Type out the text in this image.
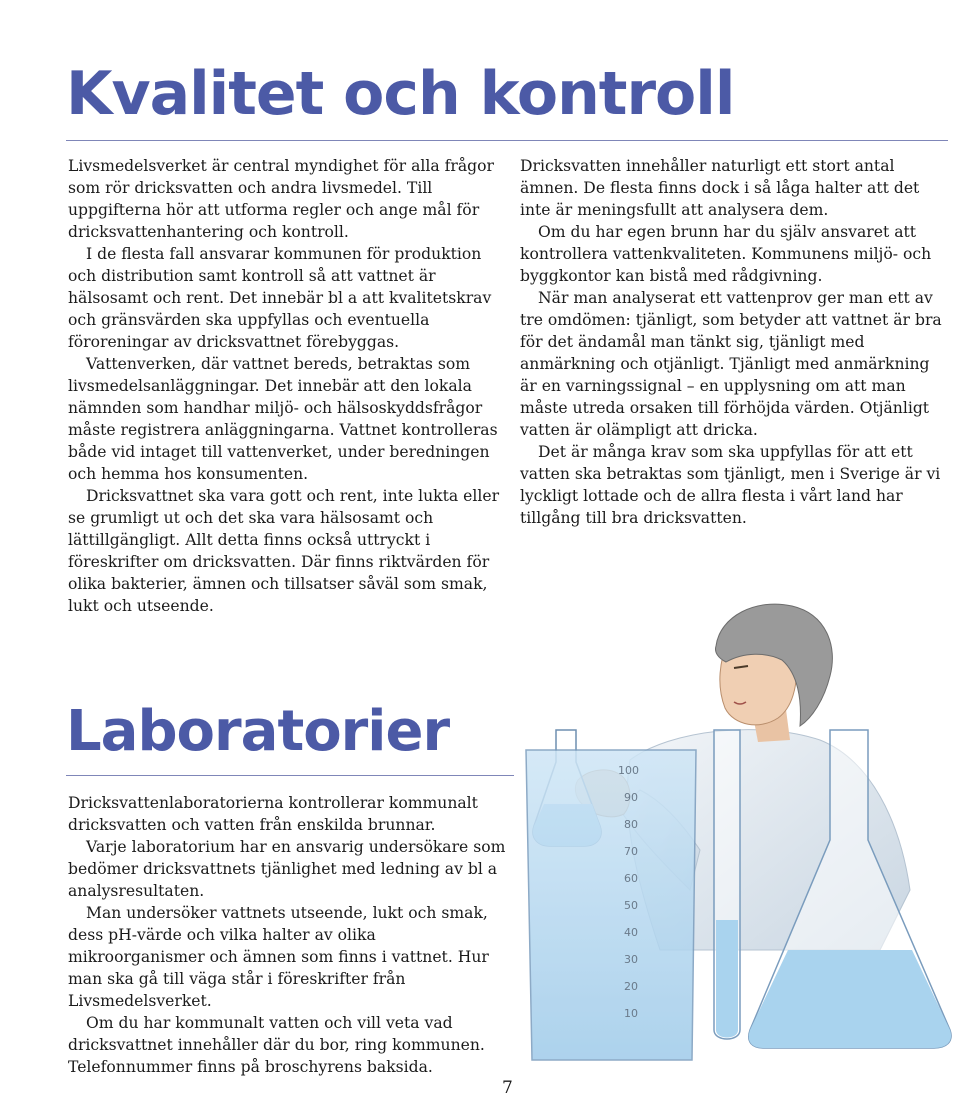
Kvalitet och kontroll

Livsmedelsverket är central myndighet för alla frågor som rör dricksvatten och andra livsmedel. Till uppgifterna hör att utforma regler och ange mål för dricksvattenhantering och kontroll.

I de flesta fall ansvarar kommunen för produktion och distribution samt kontroll så att vattnet är hälsosamt och rent. Det innebär bl a att kvalitetskrav och gränsvärden ska uppfyllas och eventuella föroreningar av dricksvattnet förebyggas.

Vattenverken, där vattnet bereds, betraktas som livsmedelsanläggningar. Det innebär att den lokala nämnden som handhar miljö- och hälsoskyddsfrågor måste registrera anläggningarna. Vattnet kontrolleras både vid intaget till vattenverket, under beredningen och hemma hos konsumenten.

Dricksvattnet ska vara gott och rent, inte lukta eller se grumligt ut och det ska vara hälsosamt och lättillgängligt. Allt detta finns också uttryckt i föreskrifter om dricksvatten. Där finns riktvärden för olika bakterier, ämnen och tillsatser såväl som smak, lukt och utseende.

Dricksvatten innehåller naturligt ett stort antal ämnen. De flesta finns dock i så låga halter att det inte är meningsfullt att analysera dem.

Om du har egen brunn har du själv ansvaret att kontrollera vattenkvaliteten. Kommunens miljö- och byggkontor kan bistå med rådgivning.

När man analyserat ett vattenprov ger man ett av tre omdömen: tjänligt, som betyder att vattnet är bra för det ändamål man tänkt sig, tjänligt med anmärkning och otjänligt. Tjänligt med anmärkning är en varningssignal – en upplysning om att man måste utreda orsaken till förhöjda värden. Otjänligt vatten är olämpligt att dricka.

Det är många krav som ska uppfyllas för att ett vatten ska betraktas som tjänligt, men i Sverige är vi lyckligt lottade och de allra flesta i vårt land har tillgång till bra dricksvatten.

Laboratorier

Dricksvattenlaboratorierna kontrollerar kommunalt dricksvatten och vatten från enskilda brunnar.

Varje laboratorium har en ansvarig undersökare som bedömer dricksvattnets tjänlighet med ledning av bl a analysresultaten.

Man undersöker vattnets utseende, lukt och smak, dess pH-värde och vilka halter av olika mikroorganismer och ämnen som finns i vattnet. Hur man ska gå till väga står i föreskrifter från Livsmedelsverket.

Om du har kommunalt vatten och vill veta vad dricksvattnet innehåller där du bor, ring kommunen. Telefonnummer finns på broschyrens baksida.

100
90
80
70
60
50
40
30
20
10
7
